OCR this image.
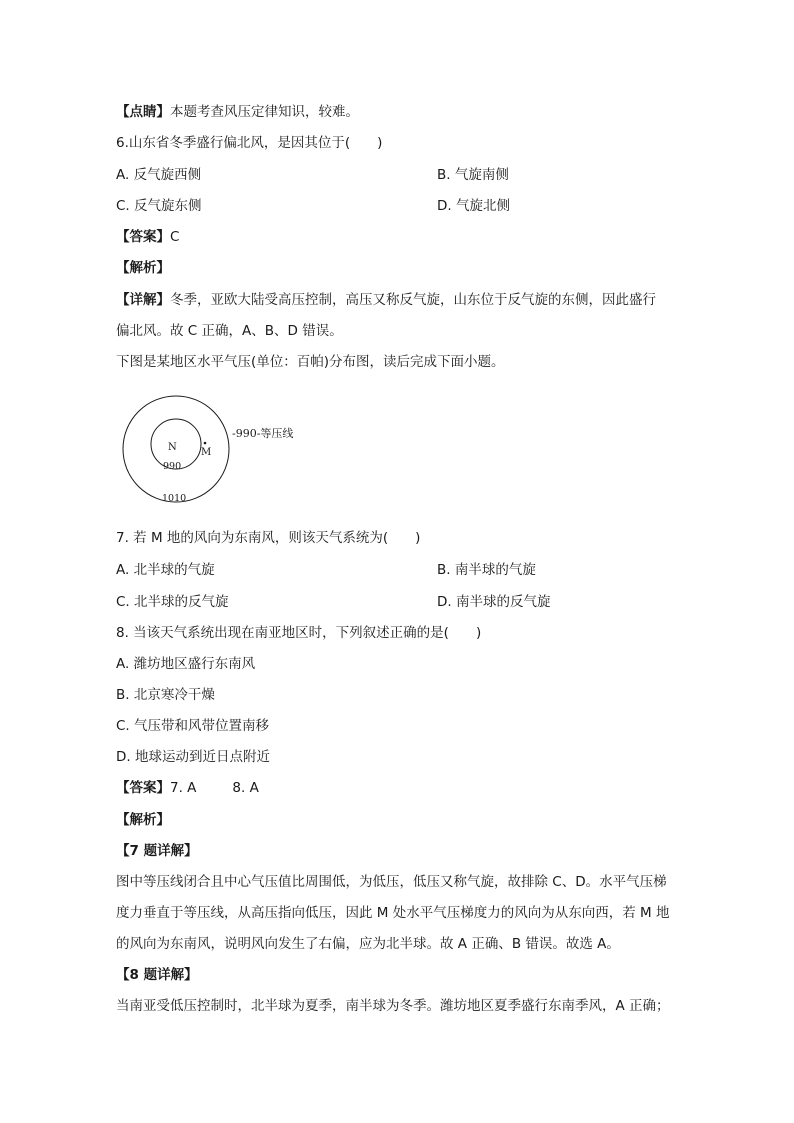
【点睛】本题考查风压定律知识，较难。
6.山东省冬季盛行偏北风，是因其位于(　　)
A. 反气旋西侧	B. 气旋南侧
C. 反气旋东侧	D. 气旋北侧
【答案】C
【解析】
【详解】冬季，亚欧大陆受高压控制，高压又称反气旋，山东位于反气旋的东侧，因此盛行
偏北风。故 C 正确，A、B、D 错误。
下图是某地区水平气压(单位：百帕)分布图，读后完成下面小题。
N M
990
1010
-990-等压线
7. 若 M 地的风向为东南风，则该天气系统为(　　)
A. 北半球的气旋	B. 南半球的气旋
C. 北半球的反气旋	D. 南半球的反气旋
8. 当该天气系统出现在南亚地区时，下列叙述正确的是(　　)
A. 潍坊地区盛行东南风
B. 北京寒冷干燥
C. 气压带和风带位置南移
D. 地球运动到近日点附近
【答案】7. A	8. A
【解析】
【7 题详解】
图中等压线闭合且中心气压值比周围低，为低压，低压又称气旋，故排除 C、D。水平气压梯
度力垂直于等压线，从高压指向低压，因此 M 处水平气压梯度力的风向为从东向西，若 M 地
的风向为东南风，说明风向发生了右偏，应为北半球。故 A 正确、B 错误。故选 A。
【8 题详解】
当南亚受低压控制时，北半球为夏季，南半球为冬季。潍坊地区夏季盛行东南季风，A 正确；
